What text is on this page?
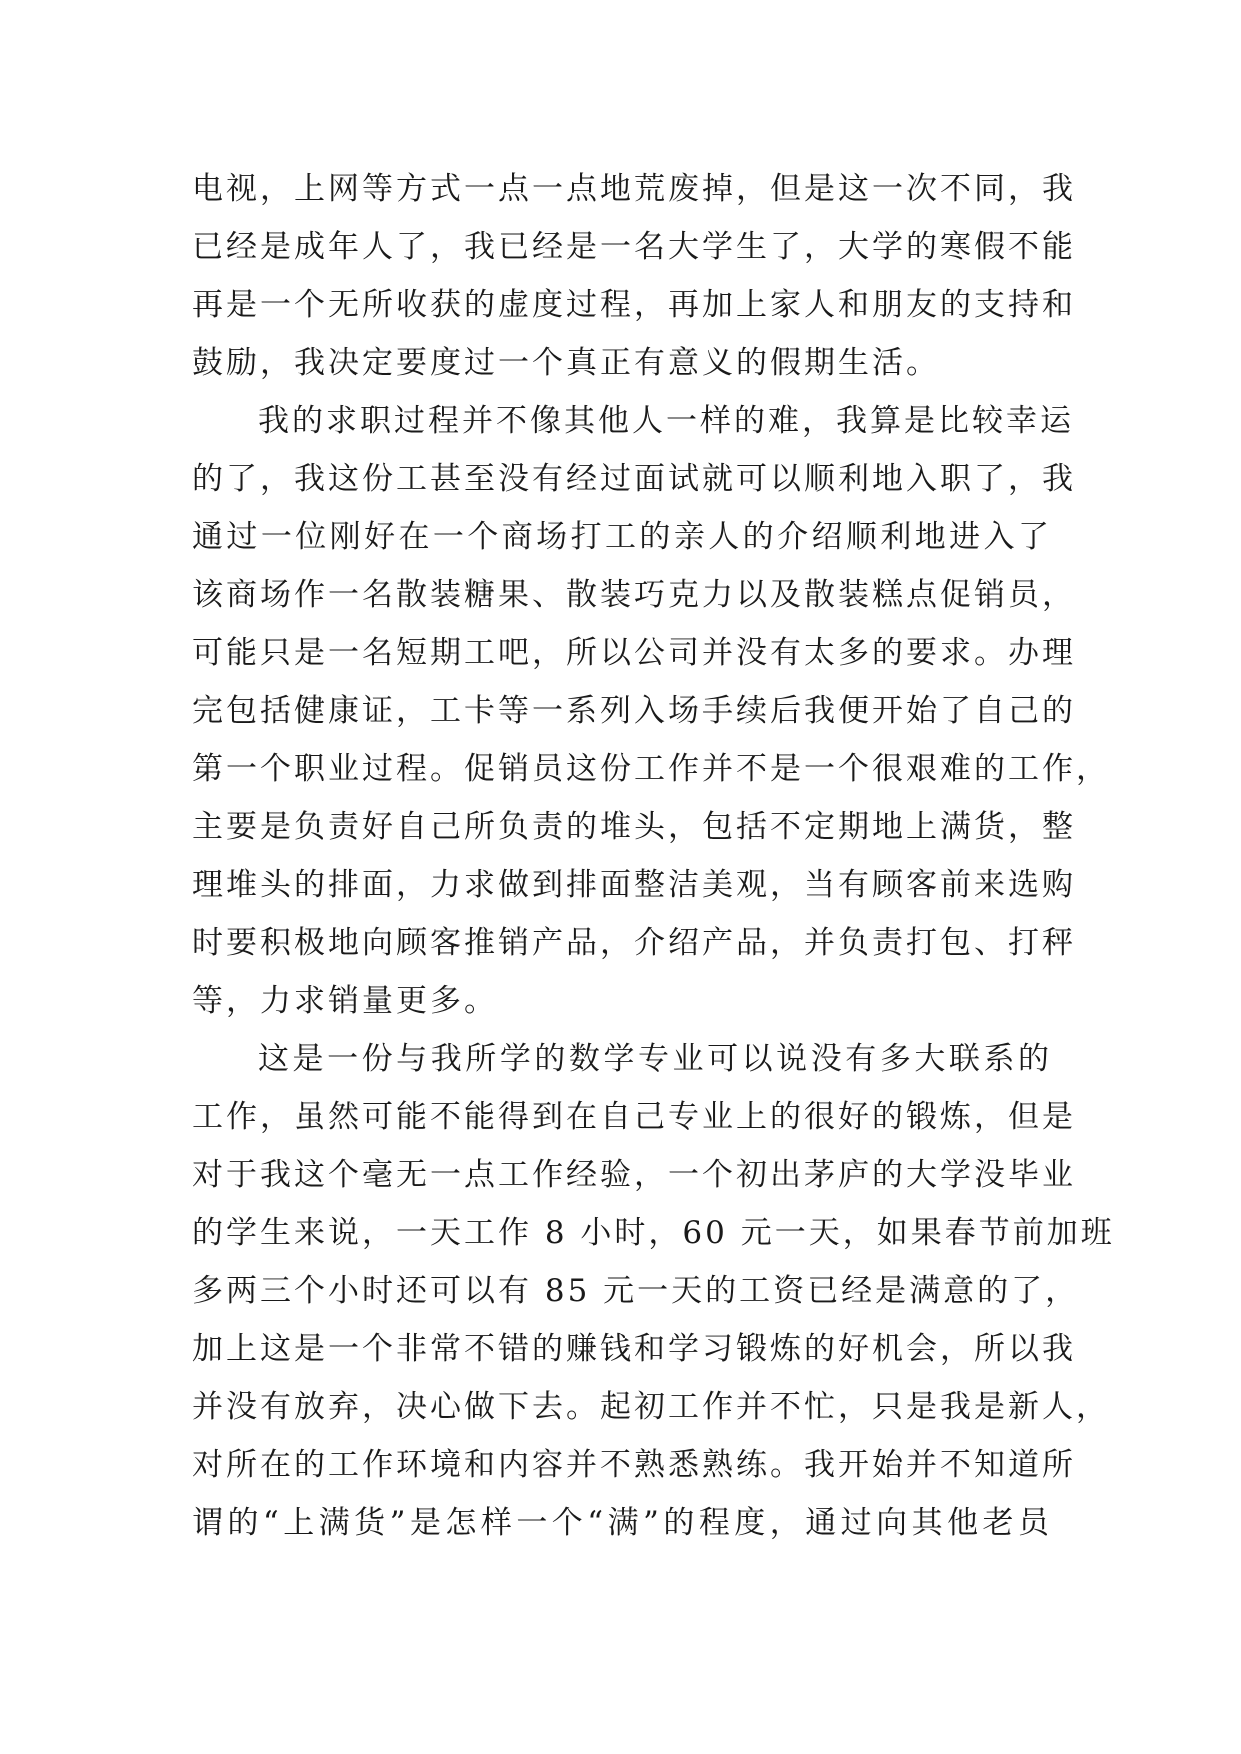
电视，上网等方式一点一点地荒废掉，但是这一次不同，我
已经是成年人了，我已经是一名大学生了，大学的寒假不能
再是一个无所收获的虚度过程，再加上家人和朋友的支持和
鼓励，我决定要度过一个真正有意义的假期生活。
我的求职过程并不像其他人一样的难，我算是比较幸运
的了，我这份工甚至没有经过面试就可以顺利地入职了，我
通过一位刚好在一个商场打工的亲人的介绍顺利地进入了
该商场作一名散装糖果、散装巧克力以及散装糕点促销员，
可能只是一名短期工吧，所以公司并没有太多的要求。办理
完包括健康证，工卡等一系列入场手续后我便开始了自己的
第一个职业过程。促销员这份工作并不是一个很艰难的工作，
主要是负责好自己所负责的堆头，包括不定期地上满货，整
理堆头的排面，力求做到排面整洁美观，当有顾客前来选购
时要积极地向顾客推销产品，介绍产品，并负责打包、打秤
等，力求销量更多。
这是一份与我所学的数学专业可以说没有多大联系的
工作，虽然可能不能得到在自己专业上的很好的锻炼，但是
对于我这个毫无一点工作经验，一个初出茅庐的大学没毕业
的学生来说，一天工作 8 小时，60 元一天，如果春节前加班
多两三个小时还可以有 85 元一天的工资已经是满意的了，
加上这是一个非常不错的赚钱和学习锻炼的好机会，所以我
并没有放弃，决心做下去。起初工作并不忙，只是我是新人，
对所在的工作环境和内容并不熟悉熟练。我开始并不知道所
谓的“上满货”是怎样一个“满”的程度，通过向其他老员
